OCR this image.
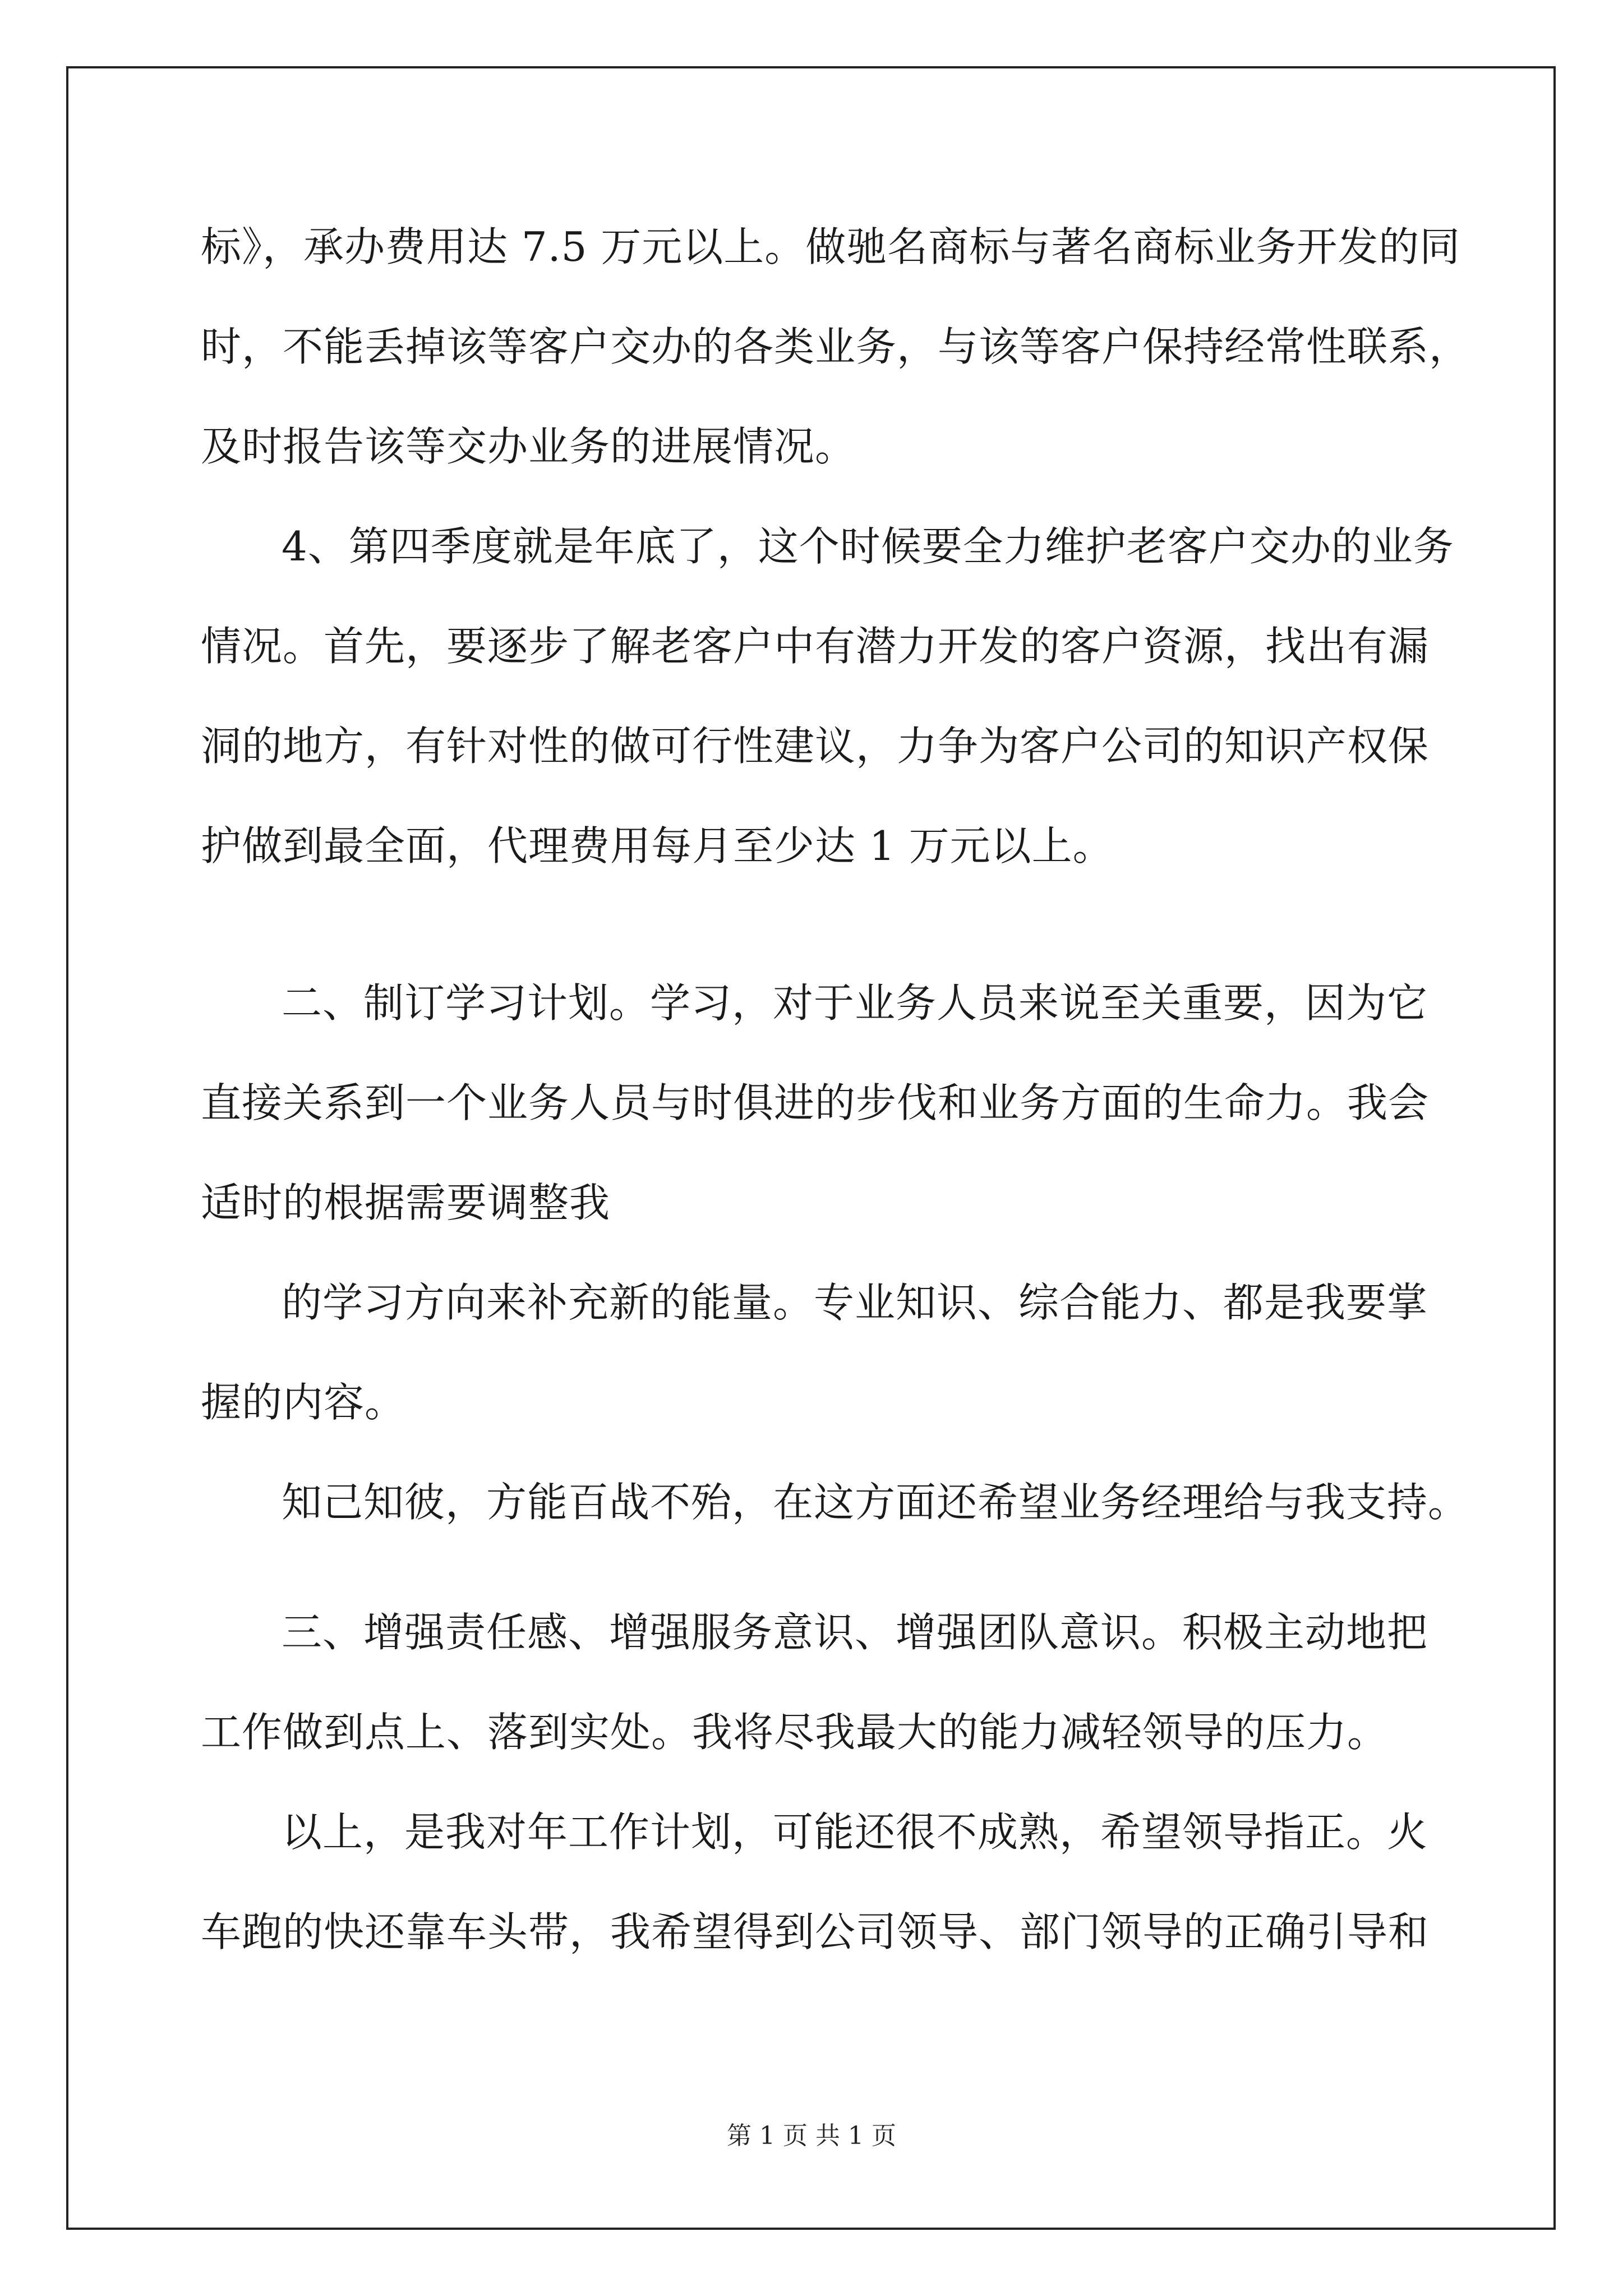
标》，承办费用达 7.5 万元以上。做驰名商标与著名商标业务开发的同

时，不能丢掉该等客户交办的各类业务，与该等客户保持经常性联系，

及时报告该等交办业务的进展情况。

4、第四季度就是年底了，这个时候要全力维护老客户交办的业务

情况。首先，要逐步了解老客户中有潜力开发的客户资源，找出有漏

洞的地方，有针对性的做可行性建议，力争为客户公司的知识产权保

护做到最全面，代理费用每月至少达 1 万元以上。

二、制订学习计划。学习，对于业务人员来说至关重要，因为它

直接关系到一个业务人员与时俱进的步伐和业务方面的生命力。我会

适时的根据需要调整我

的学习方向来补充新的能量。专业知识、综合能力、都是我要掌

握的内容。

知己知彼，方能百战不殆，在这方面还希望业务经理给与我支持。

三、增强责任感、增强服务意识、增强团队意识。积极主动地把

工作做到点上、落到实处。我将尽我最大的能力减轻领导的压力。

以上，是我对年工作计划，可能还很不成熟，希望领导指正。火

车跑的快还靠车头带，我希望得到公司领导、部门领导的正确引导和

第 1 页 共 1 页
